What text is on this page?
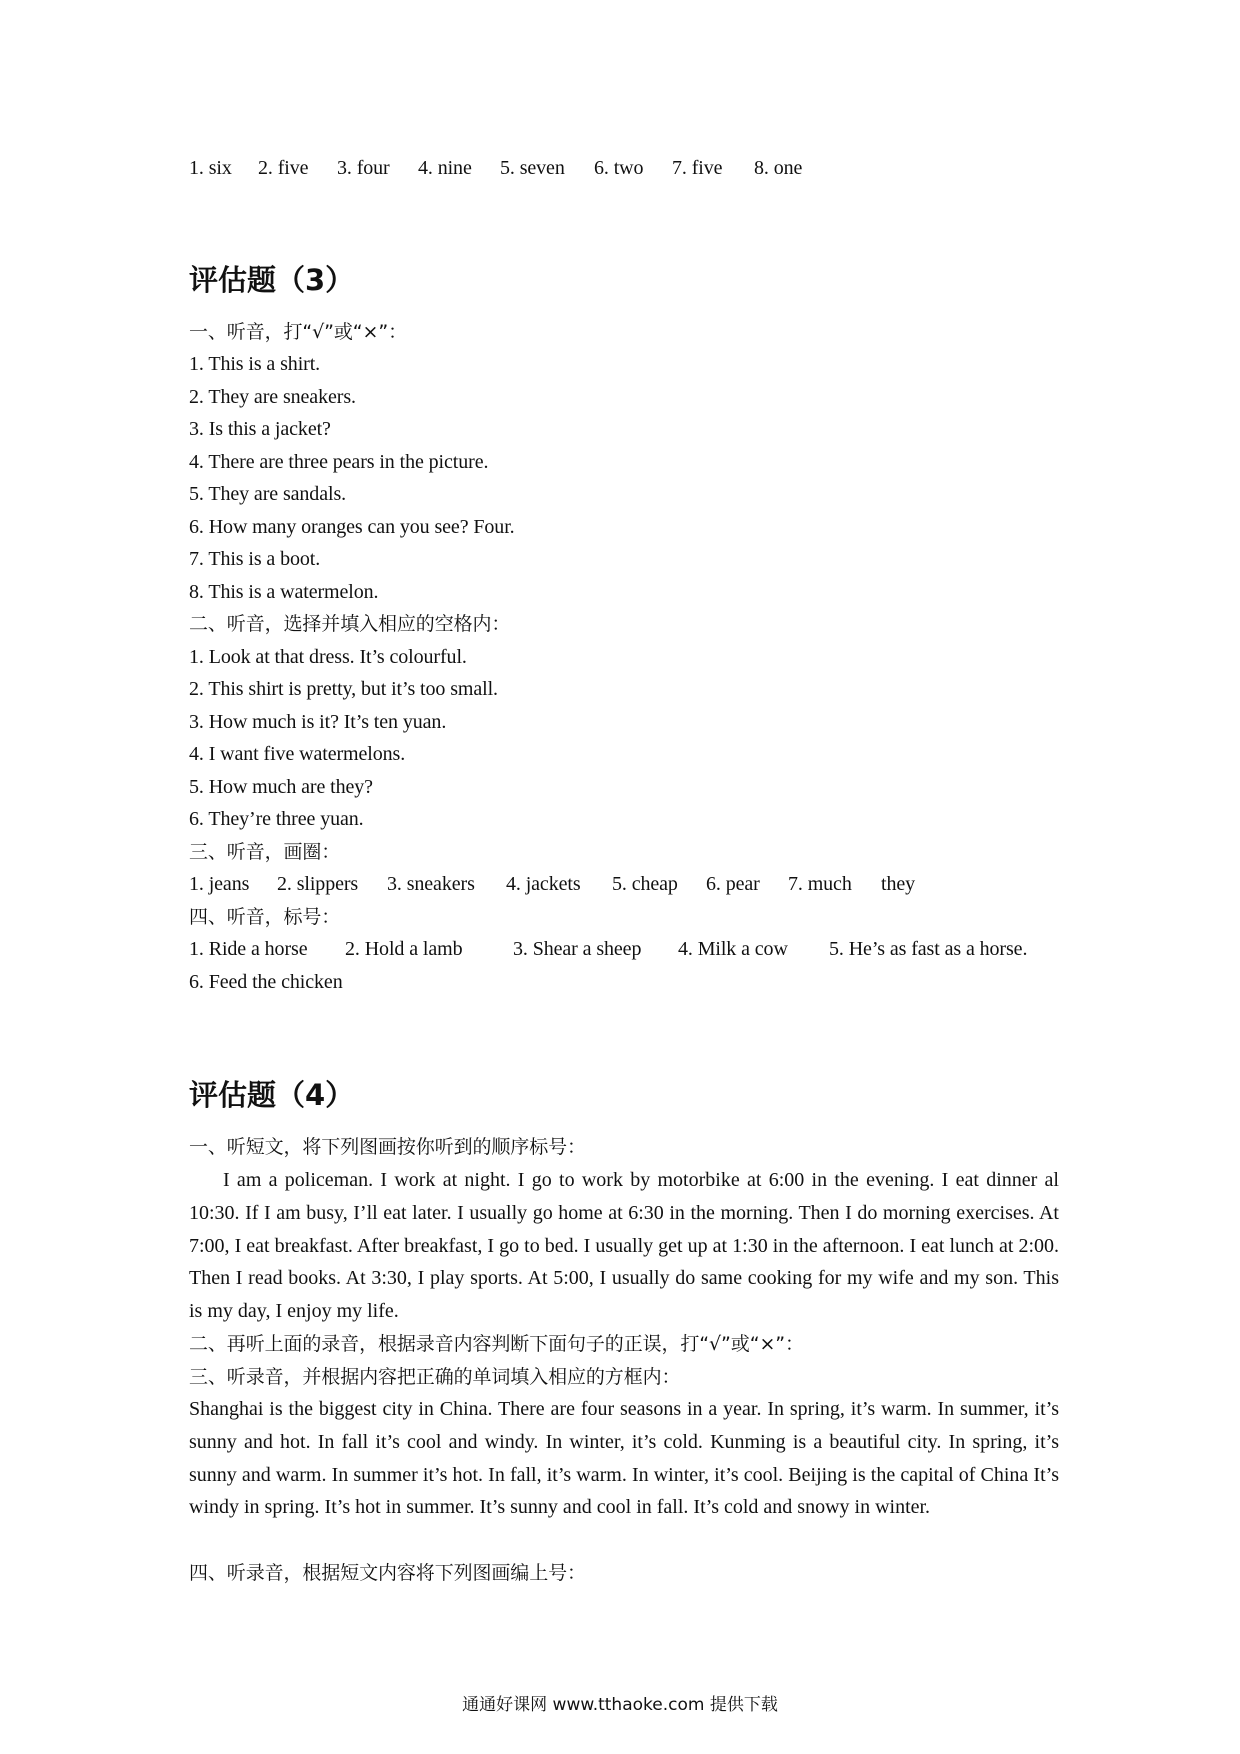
1. six 2. five 3. four 4. nine 5. seven 6. two 7. five 8. one
评估题（3）
一、听音，打“√”或“×”：
1. This is a shirt.
2. They are sneakers.
3. Is this a jacket?
4. There are three pears in the picture.
5. They are sandals.
6. How many oranges can you see? Four.
7. This is a boot.
8. This is a watermelon.
二、听音，选择并填入相应的空格内：
1. Look at that dress. It’s colourful.
2. This shirt is pretty, but it’s too small.
3. How much is it? It’s ten yuan.
4. I want five watermelons.
5. How much are they?
6. They’re three yuan.
三、听音，画圈：
1. jeans 2. slippers 3. sneakers 4. jackets 5. cheap 6. pear 7. much they
四、听音，标号：
1. Ride a horse 2. Hold a lamb	3. Shear a sheep 4. Milk a cow 5. He’s as fast as a horse.
6. Feed the chicken
评估题（4）
一、听短文，将下列图画按你听到的顺序标号：
I am a policeman. I work at night. I go to work by motorbike at 6:00 in the evening. I eat dinner al 10:30. If I am busy, I’ll eat later. I usually go home at 6:30 in the morning. Then I do morning exercises. At 7:00, I eat breakfast. After breakfast, I go to bed. I usually get up at 1:30 in the afternoon. I eat lunch at 2:00. Then I read books. At 3:30, I play sports. At 5:00, I usually do same cooking for my wife and my son. This is my day, I enjoy my life.
二、再听上面的录音，根据录音内容判断下面句子的正误，打“√”或“×”：
三、听录音，并根据内容把正确的单词填入相应的方框内：
Shanghai is the biggest city in China. There are four seasons in a year. In spring, it’s warm. In summer, it’s sunny and hot. In fall it’s cool and windy. In winter, it’s cold. Kunming is a beautiful city. In spring, it’s sunny and warm. In summer it’s hot. In fall, it’s warm. In winter, it’s cool. Beijing is the capital of China It’s windy in spring. It’s hot in summer. It’s sunny and cool in fall. It’s cold and snowy in winter.
四、听录音，根据短文内容将下列图画编上号：
通通好课网 www.tthaoke.com 提供下载
